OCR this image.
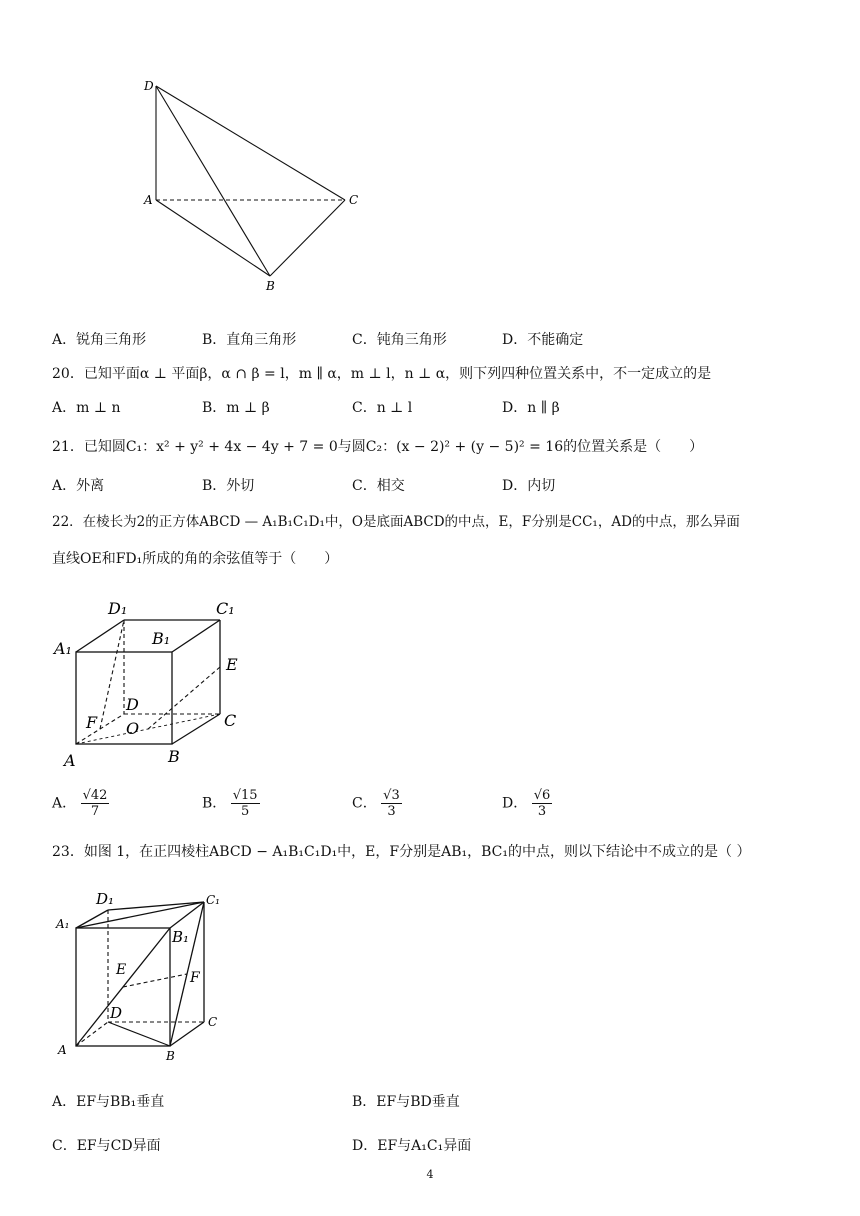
D
A	C
B
A．锐角三角形	B．直角三角形	C．钝角三角形	D．不能确定
20．已知平面α ⊥ 平面β，α ∩ β = l，m ∥ α，m ⊥ l，n ⊥ α，则下列四种位置关系中，不一定成立的是
A．m ⊥ n	B．m ⊥ β	C．n ⊥ l	D．n ∥ β
21．已知圆C₁：x² + y² + 4x − 4y + 7 = 0与圆C₂：(x − 2)² + (y − 5)² = 16的位置关系是（　　）
A．外离	B．外切	C．相交	D．内切
22．在棱长为2的正方体ABCD — A₁B₁C₁D₁中，O是底面ABCD的中点，E，F分别是CC₁，AD的中点，那么异面
直线OE和FD₁所成的角的余弦值等于（　　）
D₁	C₁
A₁
B₁
E
D
F O	C
A	B
A． $\frac{√42}{7}$	B． $\frac{√15}{5}$	C． $\frac{√3}{3}$	D． $\frac{√6}{3}$
23．如图 1，在正四棱柱ABCD − A₁B₁C₁D₁中，E，F分别是AB₁，BC₁的中点，则以下结论中不成立的是（ ）
D₁	C₁
A₁
B₁
E	F
D	C
A	B
A．EF与BB₁垂直	B．EF与BD垂直
C．EF与CD异面	D．EF与A₁C₁异面
4
